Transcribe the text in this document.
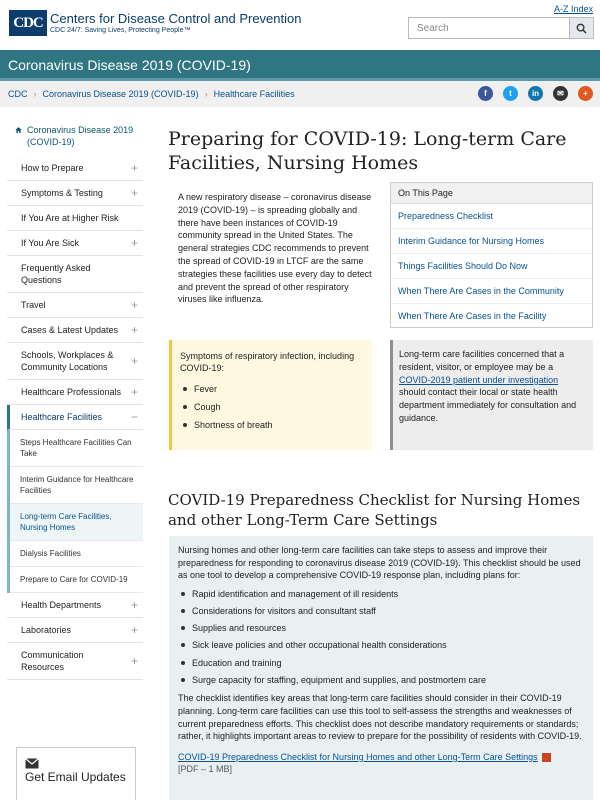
CDC Centers for Disease Control and Prevention
CDC 24/7: Saving Lives, Protecting People™
A-Z Index
Search
Coronavirus Disease 2019 (COVID-19)
CDC › Coronavirus Disease 2019 (COVID-19) › Healthcare Facilities	f	t	in	✉	+
Coronavirus Disease 2019 (COVID-19)
How to Prepare	+
Symptoms & Testing +
If You Are at Higher Risk
If You Are Sick	+
Frequently Asked Questions
Travel	+
Cases & Latest Updates +
Schools, Workplaces & Community Locations	+
Healthcare Professionals +
Healthcare Facilities −
Steps Healthcare Facilities Can Take
Interim Guidance for Healthcare Facilities
Long-term Care Facilities, Nursing Homes
Dialysis Facilities
Prepare to Care for COVID-19
Health Departments +
Laboratories	+
Communication Resources	+
Get Email Updates
Preparing for COVID-19: Long-term Care Facilities, Nursing Homes

A new respiratory disease – coronavirus disease 2019 (COVID-19) – is spreading globally and there have been instances of COVID-19 community spread in the United States. The general strategies CDC recommends to prevent the spread of COVID-19 in LTCF are the same strategies these facilities use every day to detect and prevent the spread of other respiratory viruses like influenza.

On This Page
Preparedness Checklist
Interim Guidance for Nursing Homes
Things Facilities Should Do Now
When There Are Cases in the Community
When There Are Cases in the Facility
Symptoms of respiratory infection, including COVID-19:
Fever
Cough
Shortness of breath
Long-term care facilities concerned that a resident, visitor, or employee may be a COVID-2019 patient under investigation should contact their local or state health department immediately for consultation and guidance.
COVID-19 Preparedness Checklist for Nursing Homes and other Long-Term Care Settings

Nursing homes and other long-term care facilities can take steps to assess and improve their preparedness for responding to coronavirus disease 2019 (COVID-19). This checklist should be used as one tool to develop a comprehensive COVID-19 response plan, including plans for:

Rapid identification and management of ill residents
Considerations for visitors and consultant staff
Supplies and resources
Sick leave policies and other occupational health considerations
Education and training
Surge capacity for staffing, equipment and supplies, and postmortem care

The checklist identifies key areas that long-term care facilities should consider in their COVID-19 planning. Long-term care facilities can use this tool to self-assess the strengths and weaknesses of current preparedness efforts. This checklist does not describe mandatory requirements or standards; rather, it highlights important areas to review to prepare for the possibility of residents with COVID-19.

COVID-19 Preparedness Checklist for Nursing Homes and other Long-Term Care Settings
[PDF – 1 MB]
